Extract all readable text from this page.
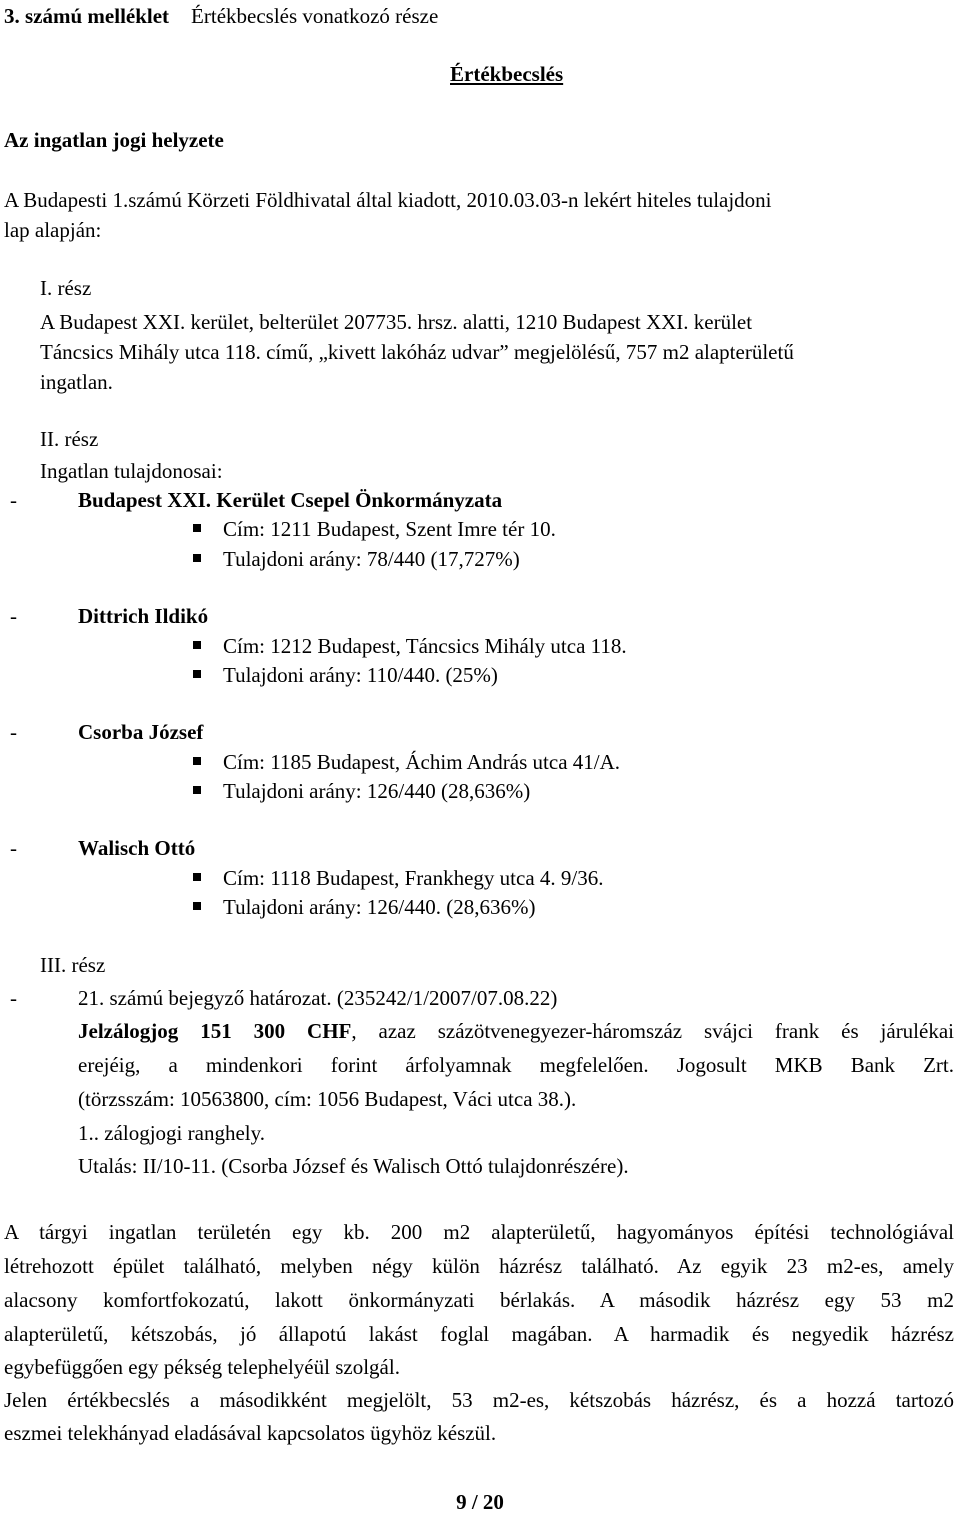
3. számú melléklet Értékbecslés vonatkozó része
Értékbecslés
Az ingatlan jogi helyzete
A Budapesti 1.számú Körzeti Földhivatal által kiadott, 2010.03.03-n lekért hiteles tulajdoni
lap alapján:
I. rész
A Budapest XXI. kerület, belterület 207735. hrsz. alatti, 1210 Budapest XXI. kerület
Táncsics Mihály utca 118. című, „kivett lakóház udvar” megjelölésű, 757 m2 alapterületű
ingatlan.
II. rész
Ingatlan tulajdonosai:
-	Budapest XXI. Kerület Csepel Önkormányzata
Cím: 1211 Budapest, Szent Imre tér 10.
Tulajdoni arány: 78/440 (17,727%)
-	Dittrich Ildikó
Cím: 1212 Budapest, Táncsics Mihály utca 118.
Tulajdoni arány: 110/440. (25%)
-	Csorba József
Cím: 1185 Budapest, Áchim András utca 41/A.
Tulajdoni arány: 126/440 (28,636%)
-	Walisch Ottó
Cím: 1118 Budapest, Frankhegy utca 4. 9/36.
Tulajdoni arány: 126/440. (28,636%)
III. rész
-	21. számú bejegyző határozat. (235242/1/2007/07.08.22)
Jelzálogjog 151 300 CHF, azaz százötvenegyezer-háromszáz svájci frank és járulékai
erejéig, a mindenkori forint árfolyamnak megfelelően. Jogosult MKB Bank Zrt.
(törzsszám: 10563800, cím: 1056 Budapest, Váci utca 38.).
1.. zálogjogi ranghely.
Utalás: II/10-11. (Csorba József és Walisch Ottó tulajdonrészére).
A tárgyi ingatlan területén egy kb. 200 m2 alapterületű, hagyományos építési technológiával
létrehozott épület található, melyben négy külön házrész található. Az egyik 23 m2-es, amely
alacsony komfortfokozatú, lakott önkormányzati bérlakás. A második házrész egy 53 m2
alapterületű, kétszobás, jó állapotú lakást foglal magában. A harmadik és negyedik házrész
egybefüggően egy pékség telephelyéül szolgál.
Jelen értékbecslés a másodikként megjelölt, 53 m2-es, kétszobás házrész, és a hozzá tartozó
eszmei telekhányad eladásával kapcsolatos ügyhöz készül.
9 / 20
